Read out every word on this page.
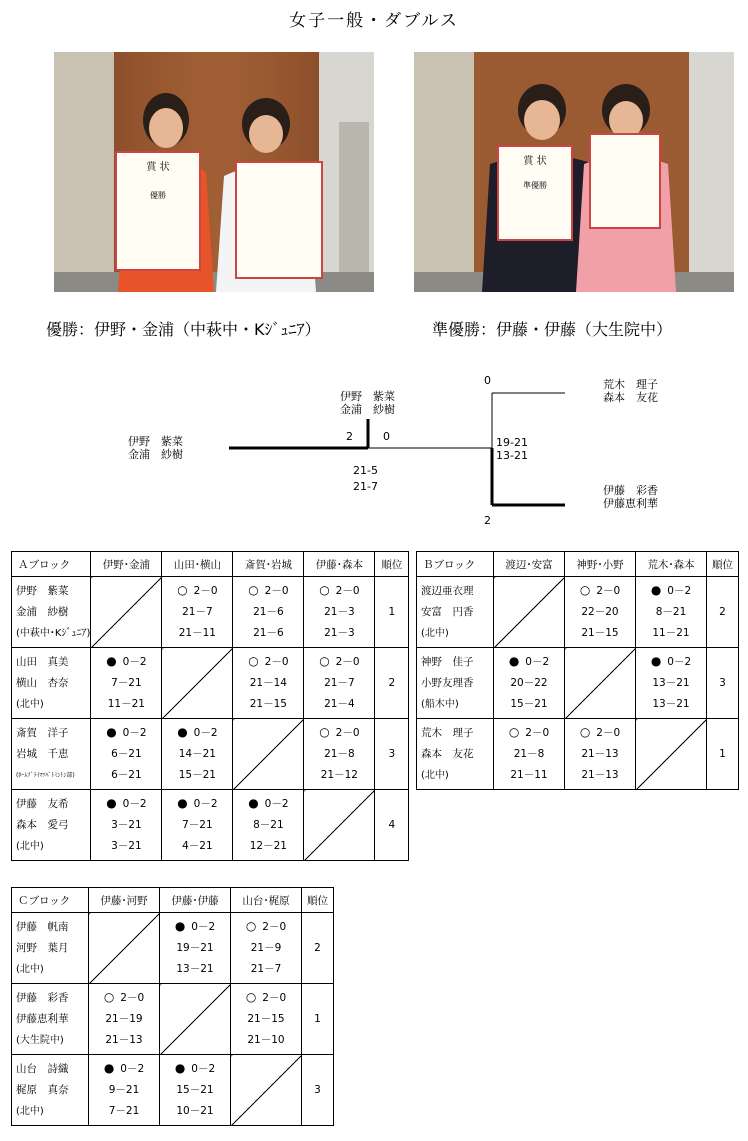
女子一般・ダブルス
賞 状
優勝
賞 状
準優勝
優勝：伊野・金浦（中萩中・Kｼﾞｭﾆｱ）	準優勝：伊藤・伊藤（大生院中）
伊野　紫菜
金浦　紗樹
伊野　紫菜
金浦　紗樹
2	0
21-5
21-7
0
19-21
13-21
2
荒木　理子
森本　友花
伊藤　彩香
伊藤恵利華
Ａブロック	伊野･金浦	山田･横山	斎賀･岩城	伊藤･森本	順位

伊野　紫菜
金浦　紗樹
(中萩中･Kｼﾞｭﾆｱ)		○ 2－0
21－7
21－11	○ 2－0
21－6
21－6	○ 2－0
21－3
21－3	1

山田　真美
横山　杏奈
(北中)	● 0－2
7－21
11－21		○ 2－0
21－14
21－15	○ 2－0
21－7
21－4	2

斎賀　洋子
岩城　千恵
(ﾎｰﾑﾌﾞﾗｲﾏﾂﾊﾞﾄﾐﾝﾄﾝ部)	● 0－2
6－21
6－21	● 0－2
14－21
15－21		○ 2－0
21－8
21－12	3

伊藤　友希
森本　愛弓
(北中)	● 0－2
3－21
3－21	● 0－2
7－21
4－21	● 0－2
8－21
12－21		4
Ｂブロック	渡辺･安富	神野･小野	荒木･森本	順位

渡辺亜衣理
安富　円香
(北中)		○ 2－0
22－20
21－15	● 0－2
8－21
11－21	2

神野　佳子
小野友理香
(船木中)	● 0－2
20－22
15－21		● 0－2
13－21
13－21	3

荒木　理子
森本　友花
(北中)	○ 2－0
21－8
21－11	○ 2－0
21－13
21－13		1
Ｃブロック	伊藤･河野	伊藤･伊藤	山台･梶原	順位

伊藤　帆南
河野　葉月
(北中)		● 0－2
19－21
13－21	○ 2－0
21－9
21－7	2

伊藤　彩香
伊藤恵利華
(大生院中)	○ 2－0
21－19
21－13		○ 2－0
21－15
21－10	1

山台　詩織
梶原　真奈
(北中)	● 0－2
9－21
7－21	● 0－2
15－21
10－21		3
